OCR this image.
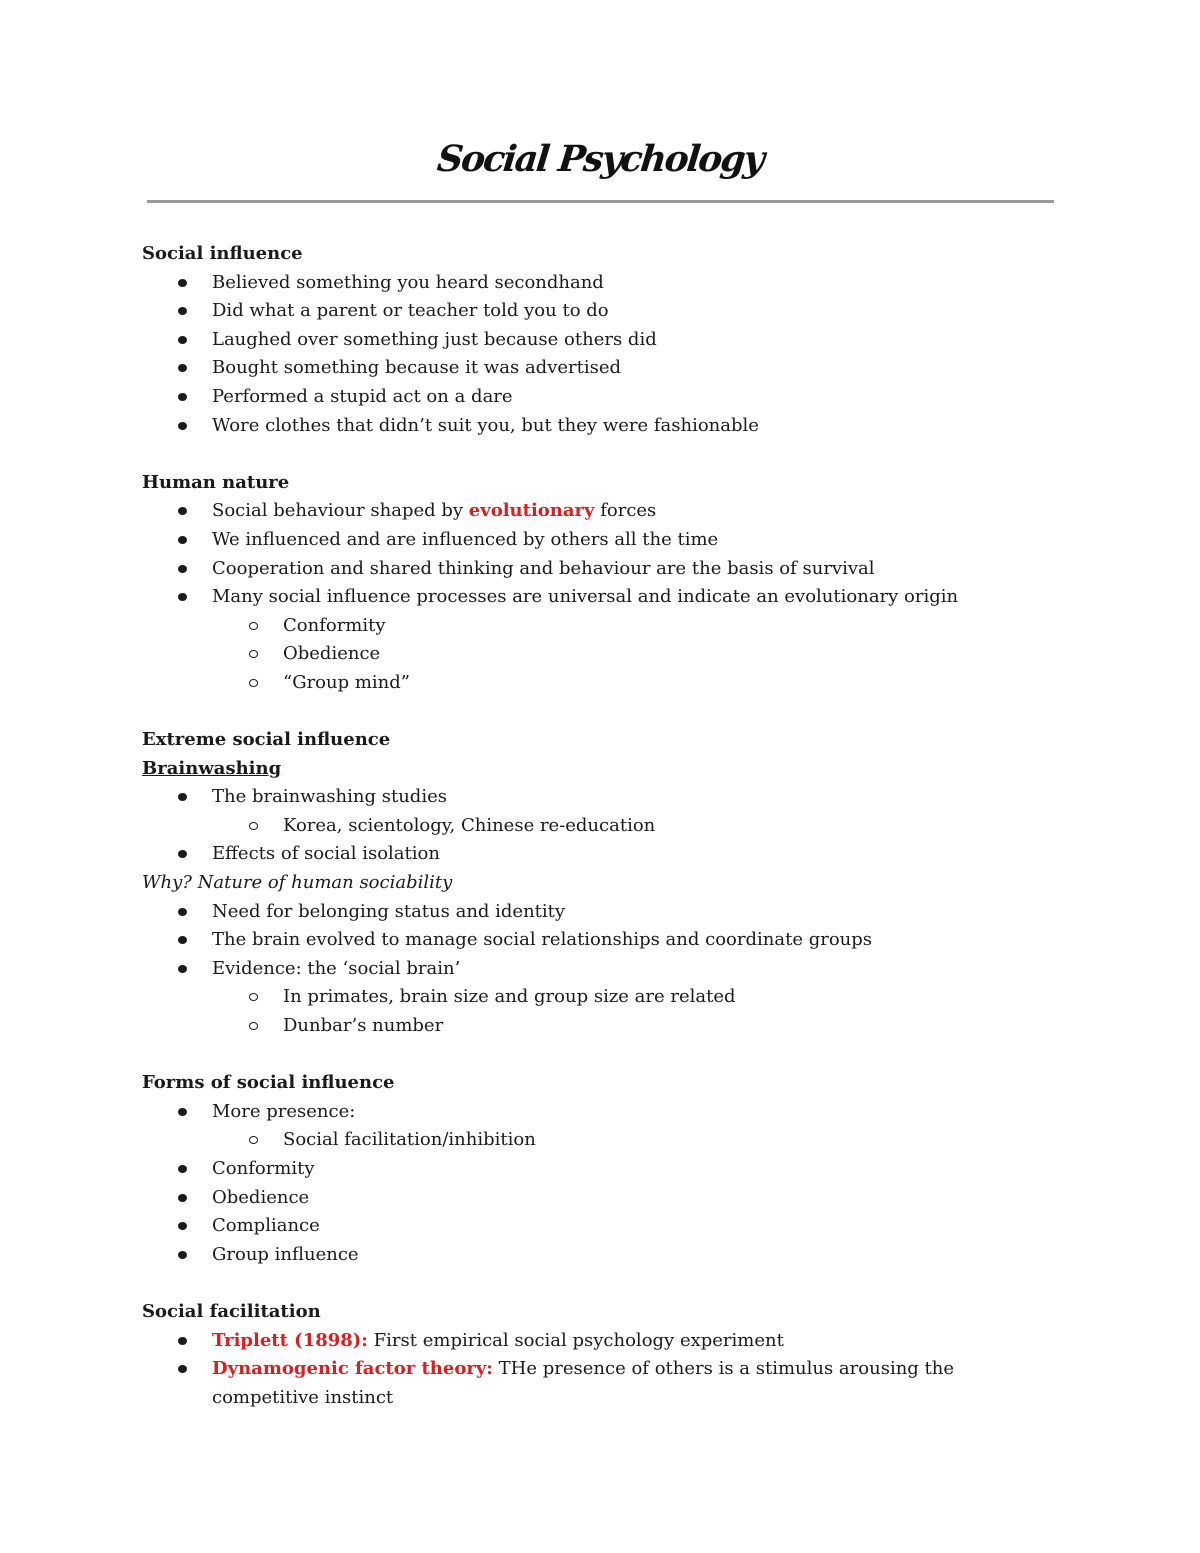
Social Psychology

Social influence

Believed something you heard secondhand
Did what a parent or teacher told you to do
Laughed over something just because others did
Bought something because it was advertised
Performed a stupid act on a dare
Wore clothes that didn’t suit you, but they were fashionable

Human nature

Social behaviour shaped by evolutionary forces
We influenced and are influenced by others all the time
Cooperation and shared thinking and behaviour are the basis of survival
Many social influence processes are universal and indicate an evolutionary origin
Conformity
Obedience
“Group mind”

Extreme social influence

Brainwashing

The brainwashing studies
Korea, scientology, Chinese re-education
Effects of social isolation

Why? Nature of human sociability

Need for belonging status and identity
The brain evolved to manage social relationships and coordinate groups
Evidence: the ‘social brain’
In primates, brain size and group size are related
Dunbar’s number

Forms of social influence

More presence:
Social facilitation/inhibition
Conformity
Obedience
Compliance
Group influence

Social facilitation

Triplett (1898): First empirical social psychology experiment
Dynamogenic factor theory: THe presence of others is a stimulus arousing the competitive instinct
